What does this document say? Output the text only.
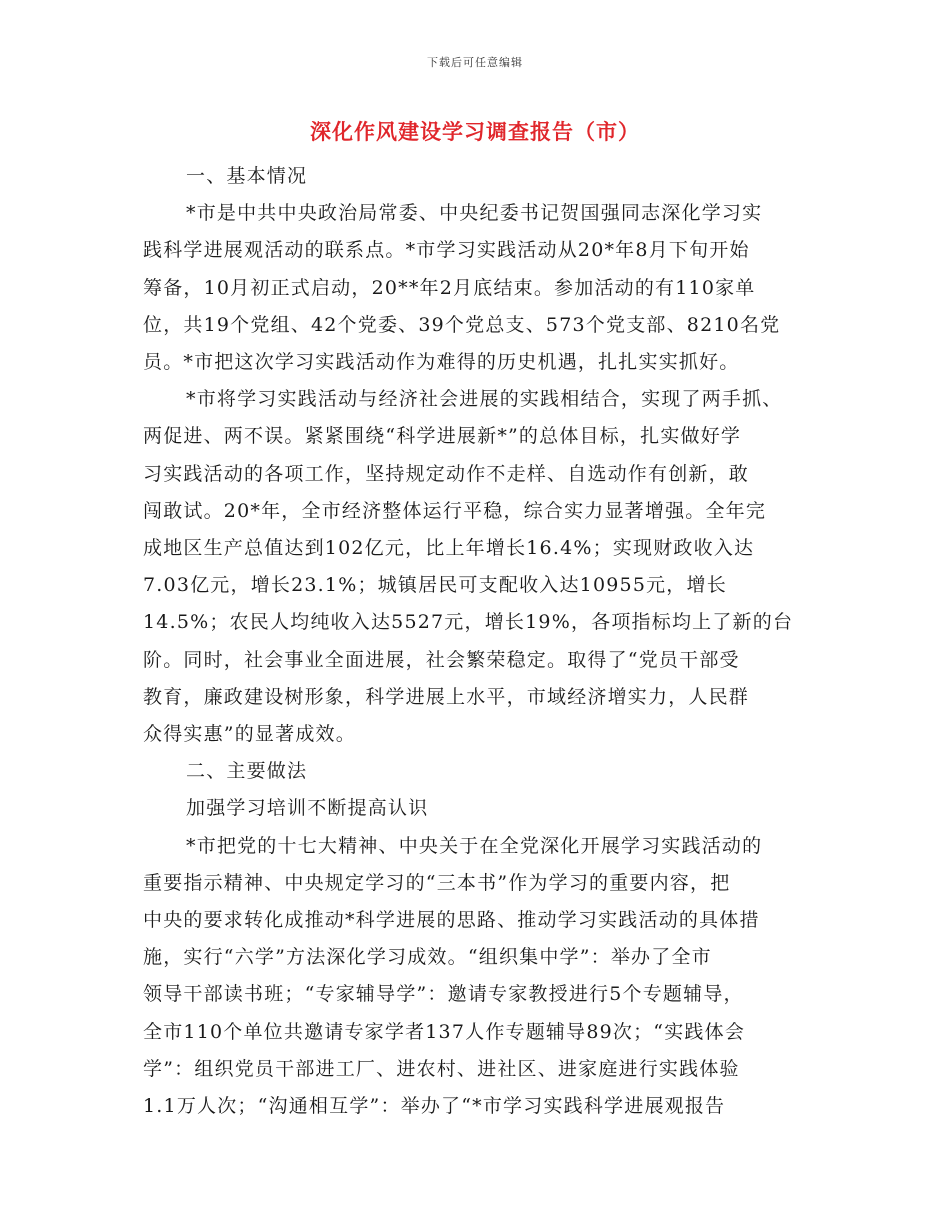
下载后可任意编辑
深化作风建设学习调查报告（市）
一、基本情况
*市是中共中央政治局常委、中央纪委书记贺国强同志深化学习实
践科学进展观活动的联系点。*市学习实践活动从20*年8月下旬开始
筹备，10月初正式启动，20**年2月底结束。参加活动的有110家单
位，共19个党组、42个党委、39个党总支、573个党支部、8210名党
员。*市把这次学习实践活动作为难得的历史机遇，扎扎实实抓好。
*市将学习实践活动与经济社会进展的实践相结合，实现了两手抓、
两促进、两不误。紧紧围绕“科学进展新*”的总体目标，扎实做好学
习实践活动的各项工作，坚持规定动作不走样、自选动作有创新，敢
闯敢试。20*年，全市经济整体运行平稳，综合实力显著增强。全年完
成地区生产总值达到102亿元，比上年增长16.4%；实现财政收入达
7.03亿元，增长23.1%；城镇居民可支配收入达10955元，增长
14.5%；农民人均纯收入达5527元，增长19%，各项指标均上了新的台
阶。同时，社会事业全面进展，社会繁荣稳定。取得了“党员干部受
教育，廉政建设树形象，科学进展上水平，市域经济增实力，人民群
众得实惠”的显著成效。
二、主要做法
加强学习培训不断提高认识
*市把党的十七大精神、中央关于在全党深化开展学习实践活动的
重要指示精神、中央规定学习的“三本书”作为学习的重要内容，把
中央的要求转化成推动*科学进展的思路、推动学习实践活动的具体措
施，实行“六学”方法深化学习成效。“组织集中学”：举办了全市
领导干部读书班；“专家辅导学”：邀请专家教授进行5个专题辅导，
全市110个单位共邀请专家学者137人作专题辅导89次；“实践体会
学”：组织党员干部进工厂、进农村、进社区、进家庭进行实践体验
1.1万人次；“沟通相互学”：举办了“*市学习实践科学进展观报告
